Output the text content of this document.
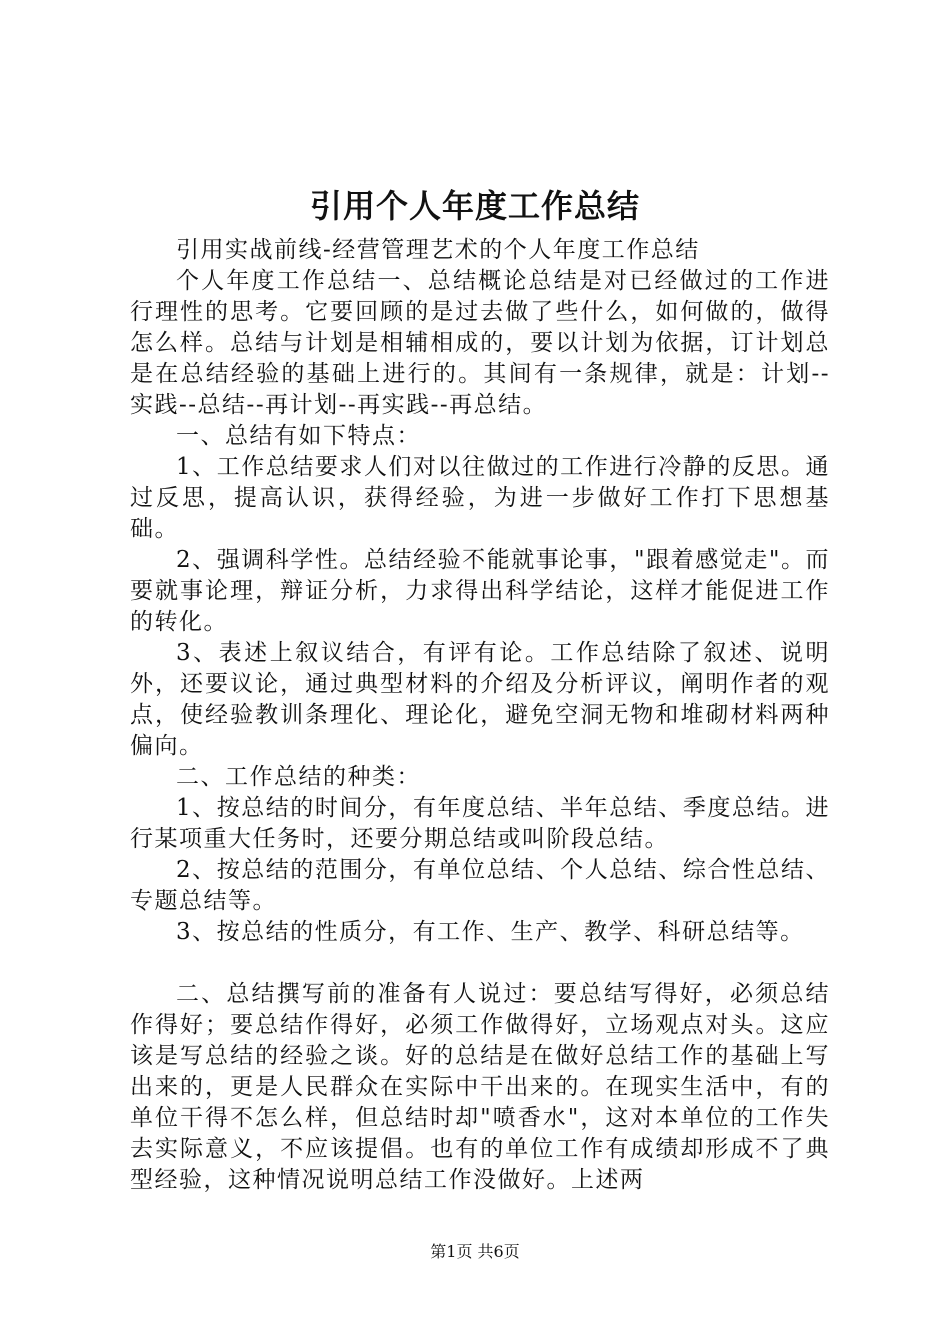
引用个人年度工作总结

引用实战前线-经营管理艺术的个人年度工作总结

个人年度工作总结一、总结概论总结是对已经做过的工作进行理性的思考。它要回顾的是过去做了些什么，如何做的，做得怎么样。总结与计划是相辅相成的，要以计划为依据，订计划总是在总结经验的基础上进行的。其间有一条规律，就是：计划--实践--总结--再计划--再实践--再总结。

一、总结有如下特点：

1、工作总结要求人们对以往做过的工作进行冷静的反思。通过反思，提高认识，获得经验，为进一步做好工作打下思想基础。

2、强调科学性。总结经验不能就事论事，"跟着感觉走"。而要就事论理，辩证分析，力求得出科学结论，这样才能促进工作的转化。

3、表述上叙议结合，有评有论。工作总结除了叙述、说明外，还要议论，通过典型材料的介绍及分析评议，阐明作者的观点，使经验教训条理化、理论化，避免空洞无物和堆砌材料两种偏向。

二、工作总结的种类：

1、按总结的时间分，有年度总结、半年总结、季度总结。进行某项重大任务时，还要分期总结或叫阶段总结。

2、按总结的范围分，有单位总结、个人总结、综合性总结、专题总结等。

3、按总结的性质分，有工作、生产、教学、科研总结等。

二、总结撰写前的准备有人说过：要总结写得好，必须总结作得好；要总结作得好，必须工作做得好，立场观点对头。这应该是写总结的经验之谈。好的总结是在做好总结工作的基础上写出来的，更是人民群众在实际中干出来的。在现实生活中，有的单位干得不怎么样，但总结时却"喷香水"，这对本单位的工作失去实际意义，不应该提倡。也有的单位工作有成绩却形成不了典型经验，这种情况说明总结工作没做好。上述两

第1页 共6页
